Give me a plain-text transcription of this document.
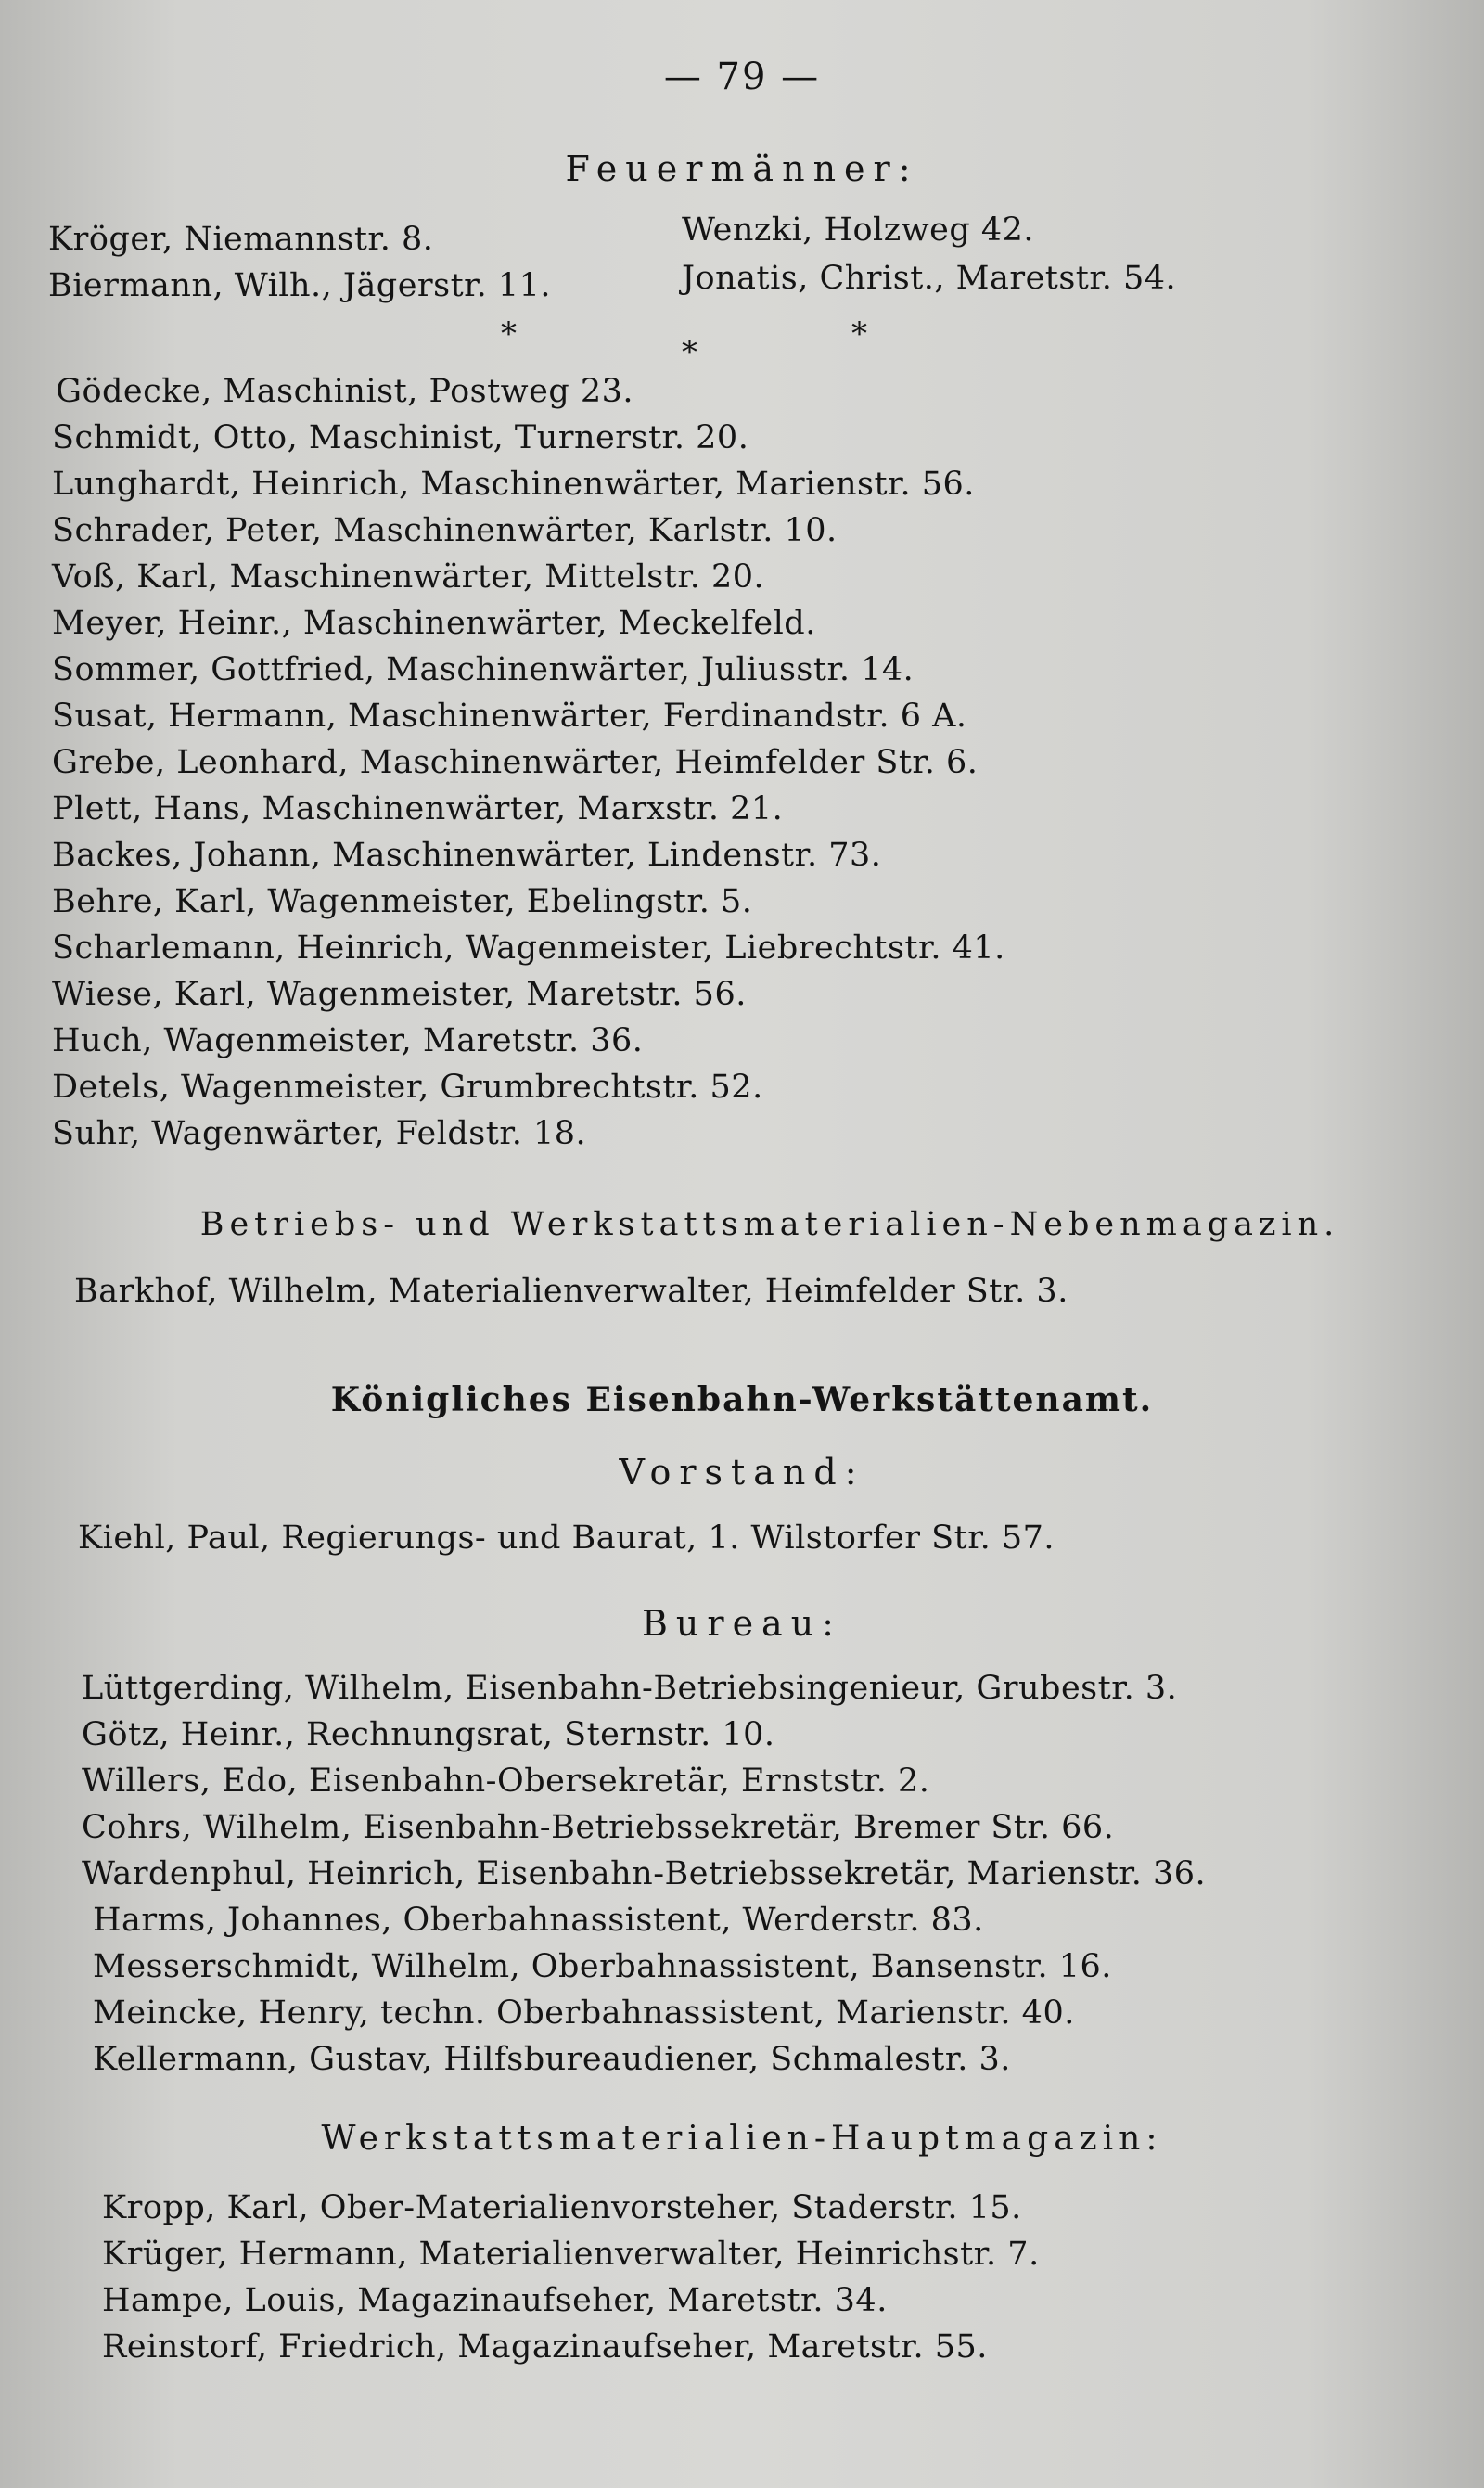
— 79 —
Feuermänner:
Kröger, Niemannstr. 8.
Biermann, Wilh., Jägerstr. 11.
Wenzki, Holzweg 42.
Jonatis, Christ., Maretstr. 54.
*	*	*
Gödecke, Maschinist, Postweg 23.
Schmidt, Otto, Maschinist, Turnerstr. 20.
Lunghardt, Heinrich, Maschinenwärter, Marienstr. 56.
Schrader, Peter, Maschinenwärter, Karlstr. 10.
Voß, Karl, Maschinenwärter, Mittelstr. 20.
Meyer, Heinr., Maschinenwärter, Meckelfeld.
Sommer, Gottfried, Maschinenwärter, Juliusstr. 14.
Susat, Hermann, Maschinenwärter, Ferdinandstr. 6 A.
Grebe, Leonhard, Maschinenwärter, Heimfelder Str. 6.
Plett, Hans, Maschinenwärter, Marxstr. 21.
Backes, Johann, Maschinenwärter, Lindenstr. 73.
Behre, Karl, Wagenmeister, Ebelingstr. 5.
Scharlemann, Heinrich, Wagenmeister, Liebrechtstr. 41.
Wiese, Karl, Wagenmeister, Maretstr. 56.
Huch, Wagenmeister, Maretstr. 36.
Detels, Wagenmeister, Grumbrechtstr. 52.
Suhr, Wagenwärter, Feldstr. 18.
Betriebs- und Werkstattsmaterialien-Nebenmagazin.
Barkhof, Wilhelm, Materialienverwalter, Heimfelder Str. 3.
Königliches Eisenbahn-Werkstättenamt.
Vorstand:
Kiehl, Paul, Regierungs- und Baurat, 1. Wilstorfer Str. 57.
Bureau:
Lüttgerding, Wilhelm, Eisenbahn-Betriebsingenieur, Grubestr. 3.
Götz, Heinr., Rechnungsrat, Sternstr. 10.
Willers, Edo, Eisenbahn-Obersekretär, Ernststr. 2.
Cohrs, Wilhelm, Eisenbahn-Betriebssekretär, Bremer Str. 66.
Wardenphul, Heinrich, Eisenbahn-Betriebssekretär, Marienstr. 36.
Harms, Johannes, Oberbahnassistent, Werderstr. 83.
Messerschmidt, Wilhelm, Oberbahnassistent, Bansenstr. 16.
Meincke, Henry, techn. Oberbahnassistent, Marienstr. 40.
Kellermann, Gustav, Hilfsbureaudiener, Schmalestr. 3.
Werkstattsmaterialien-Hauptmagazin:
Kropp, Karl, Ober-Materialienvorsteher, Staderstr. 15.
Krüger, Hermann, Materialienverwalter, Heinrichstr. 7.
Hampe, Louis, Magazinaufseher, Maretstr. 34.
Reinstorf, Friedrich, Magazinaufseher, Maretstr. 55.
